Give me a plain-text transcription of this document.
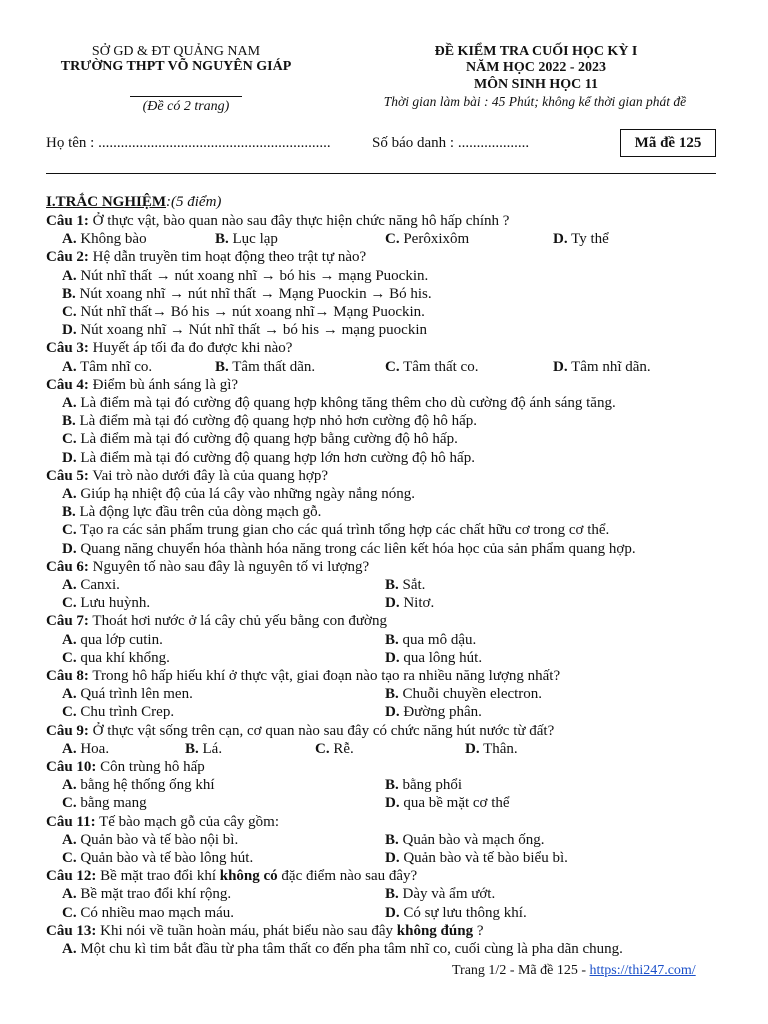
SỞ GD & ĐT QUẢNG NAM
TRƯỜNG THPT VÕ NGUYÊN GIÁP
(Đề có 2 trang)
ĐỀ KIỂM TRA CUỐI HỌC KỲ I
NĂM HỌC 2022 - 2023
MÔN SINH HỌC 11
Thời gian làm bài : 45 Phút; không kể thời gian phát đề
Họ tên : ..............................................................	Số báo danh : ...................	Mã đề 125
I.TRẮC NGHIỆM:(5 điểm)
Câu 1: Ở thực vật, bào quan nào sau đây thực hiện chức năng hô hấp chính ?
A. Không bào	B. Lục lạp	C. Perôxixôm	D. Ty thể
Câu 2: Hệ dẫn truyền tim hoạt động theo trật tự nào?
A. Nút nhĩ thất → nút xoang nhĩ → bó his → mạng Puockin.
B. Nút xoang nhĩ → nút nhĩ thất → Mạng Puockin → Bó his.
C. Nút nhĩ thất→ Bó his → nút xoang nhĩ→ Mạng Puockin.
D. Nút xoang nhĩ → Nút nhĩ thất → bó his → mạng puockin
Câu 3: Huyết áp tối đa đo được khi nào?
A. Tâm nhĩ co.	B. Tâm thất dãn.	C. Tâm thất co.	D. Tâm nhĩ dãn.
Câu 4: Điểm bù ánh sáng là gì?
A. Là điểm mà tại đó cường độ quang hợp không tăng thêm cho dù cường độ ánh sáng tăng.
B. Là điểm mà tại đó cường độ quang hợp nhỏ hơn cường độ hô hấp.
C. Là điểm mà tại đó cường độ quang hợp bằng cường độ hô hấp.
D. Là điểm mà tại đó cường độ quang hợp lớn hơn cường độ hô hấp.
Câu 5: Vai trò nào dưới đây là của quang hợp?
A. Giúp hạ nhiệt độ của lá cây vào những ngày nắng nóng.
B. Là động lực đầu trên của dòng mạch gỗ.
C. Tạo ra các sản phẩm trung gian cho các quá trình tổng hợp các chất hữu cơ trong cơ thể.
D. Quang năng chuyển hóa thành hóa năng trong các liên kết hóa học của sản phẩm quang hợp.
Câu 6: Nguyên tố nào sau đây là nguyên tố vi lượng?
A. Canxi.	B. Sắt.
C. Lưu huỳnh.	D. Nitơ.
Câu 7: Thoát hơi nước ở lá cây chủ yếu bằng con đường
A. qua lớp cutin.	B. qua mô dậu.
C. qua khí khổng.	D. qua lông hút.
Câu 8: Trong hô hấp hiếu khí ở thực vật, giai đoạn nào tạo ra nhiều năng lượng nhất?
A. Quá trình lên men.	B. Chuỗi chuyền electron.
C. Chu trình Crep.	D. Đường phân.
Câu 9: Ở thực vật sống trên cạn, cơ quan nào sau đây có chức năng hút nước từ đất?
A. Hoa.	B. Lá.	C. Rễ.	D. Thân.
Câu 10: Côn trùng hô hấp
A. bằng hệ thống ống khí	B. bằng phổi
C. bằng mang	D. qua bề mặt cơ thể
Câu 11: Tế bào mạch gỗ của cây gồm:
A. Quản bào và tế bào nội bì.	B. Quản bào và mạch ống.
C. Quản bào và tế bào lông hút.	D. Quản bào và tế bào biểu bì.
Câu 12: Bề mặt trao đổi khí không có đặc điểm nào sau đây?
A. Bề mặt trao đổi khí rộng.	B. Dày và ẩm ướt.
C. Có nhiều mao mạch máu.	D. Có sự lưu thông khí.
Câu 13: Khi nói về tuần hoàn máu, phát biểu nào sau đây không đúng ?
A. Một chu kì tim bắt đầu từ pha tâm thất co đến pha tâm nhĩ co, cuối cùng là pha dãn chung.
Trang 1/2 - Mã đề 125 - https://thi247.com/
